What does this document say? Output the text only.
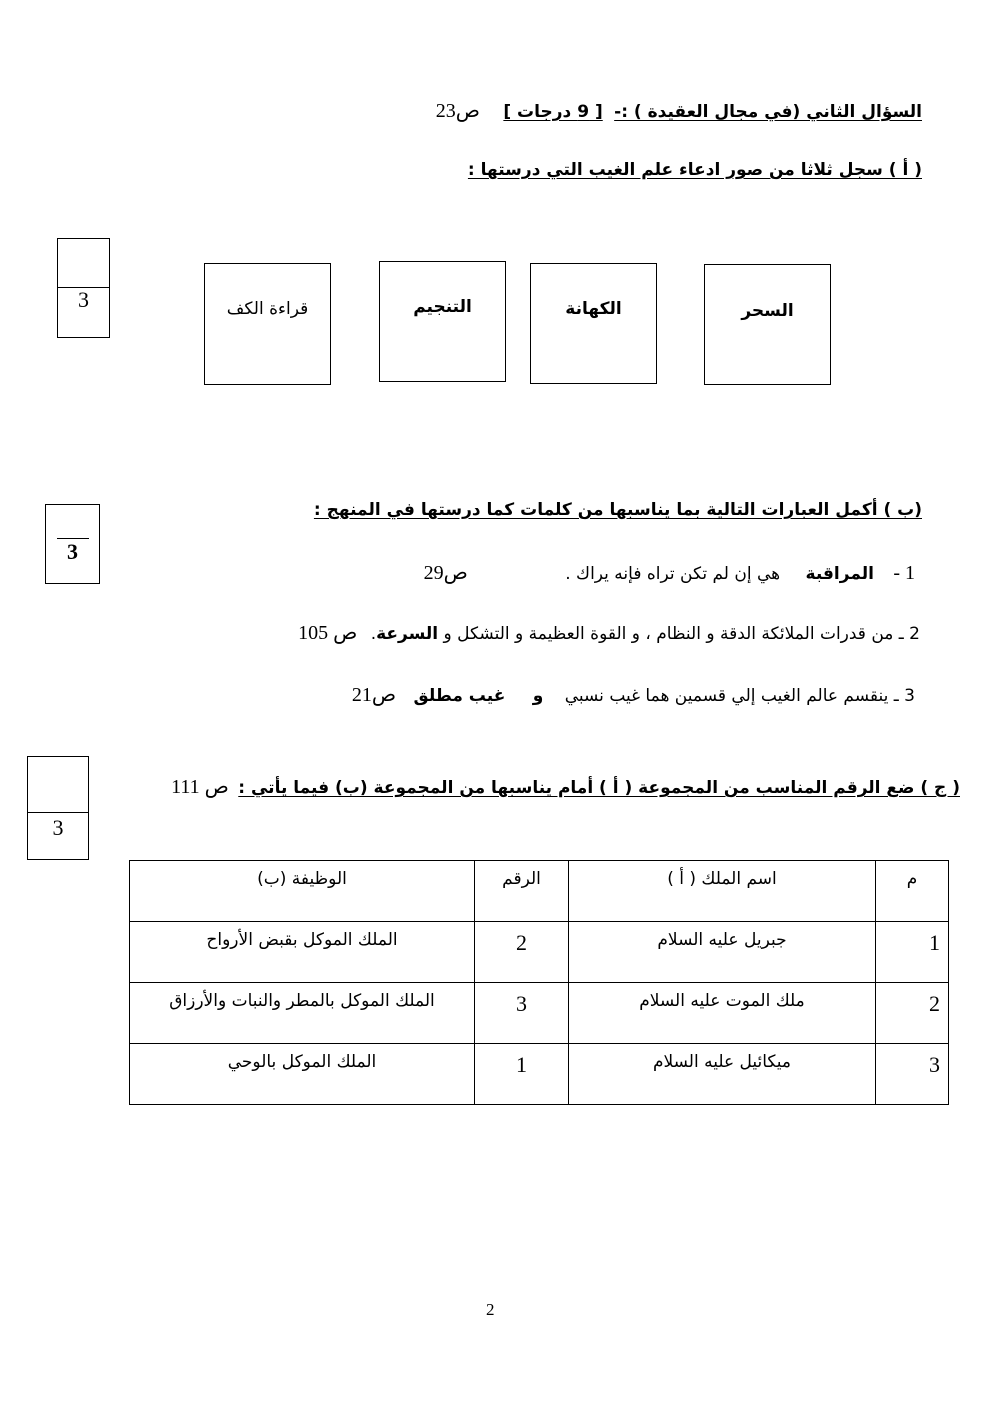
السؤال الثاني (في مجال العقيدة ) :- [ 9 درجات ] ص23
( أ ) سجل ثلاثا من صور ادعاء علم الغيب التي درستها :
3	السحر
الكهانة
التنجيم
قراءة الكف
(ب ) أكمل العبارات التالية بما يناسبها من كلمات كما درستها في المنهج :
3
1 - المراقبة هي إن لم تكن تراه فإنه يراك . ص29
2 ـ من قدرات الملائكة الدقة و النظام ، و القوة العظيمة و التشكل و السرعة. ص 105
3 ـ ينقسم عالم الغيب إلي قسمين هما غيب نسبي و غيب مطلق ص21
3
( ج ) ضع الرقم المناسب من المجموعة ( أ ) أمام يناسبها من المجموعة (ب) فيما يأتي : ص 111
م	اسم الملك ( أ )	الرقم	الوظيفة (ب)

1	جبريل عليه السلام	2	الملك الموكل بقبض الأرواح

2	ملك الموت عليه السلام	3	الملك الموكل بالمطر والنبات والأرزاق

3	ميكائيل عليه السلام	1	الملك الموكل بالوحي
2
